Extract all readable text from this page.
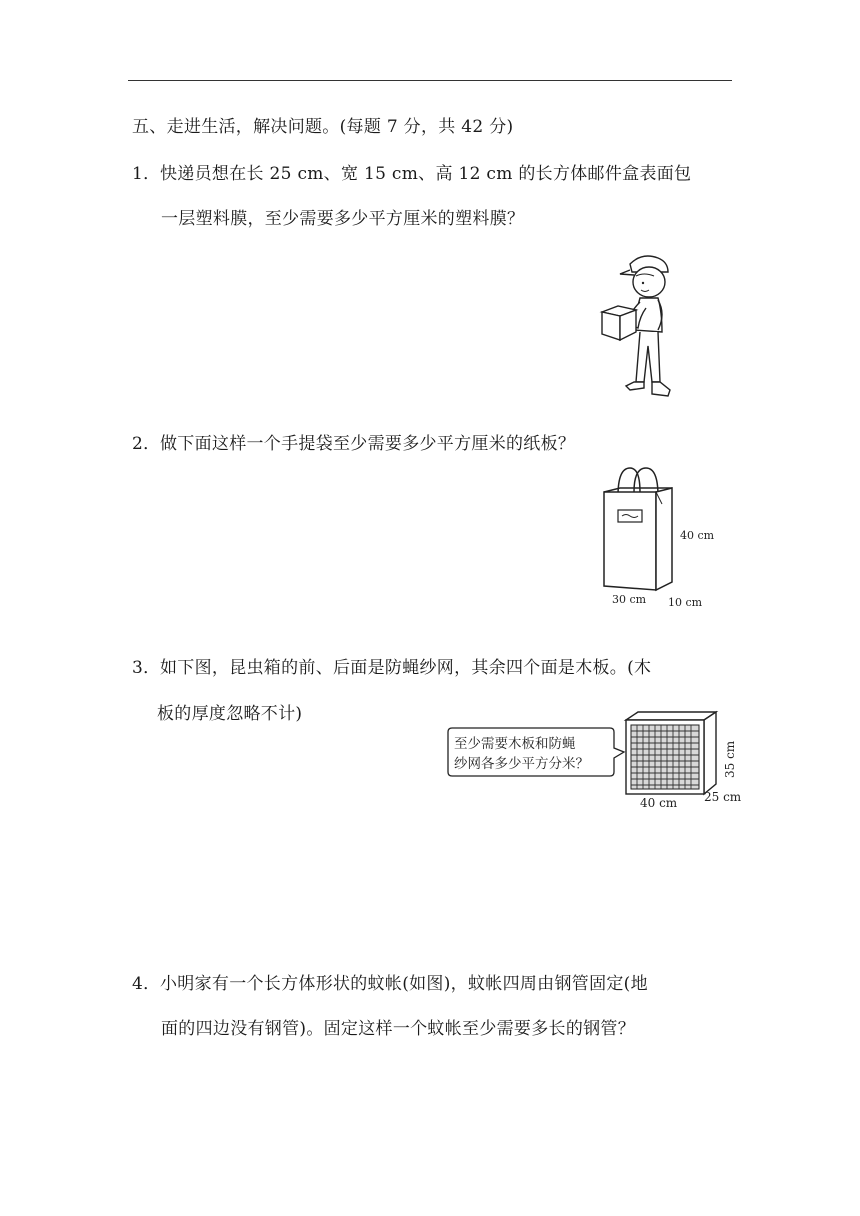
五、走进生活，解决问题。(每题 7 分，共 42 分)
1．快递员想在长 25 cm、宽 15 cm、高 12 cm 的长方体邮件盒表面包
一层塑料膜，至少需要多少平方厘米的塑料膜？
2．做下面这样一个手提袋至少需要多少平方厘米的纸板？
40 cm
30 cm 10 cm
3．如下图，昆虫箱的前、后面是防蝇纱网，其余四个面是木板。(木
板的厚度忽略不计)
至少需要木板和防蝇
纱网各多少平方分米？
40 cm 25 cm
35 cm
4．小明家有一个长方体形状的蚊帐(如图)，蚊帐四周由钢管固定(地
面的四边没有钢管)。固定这样一个蚊帐至少需要多长的钢管？
